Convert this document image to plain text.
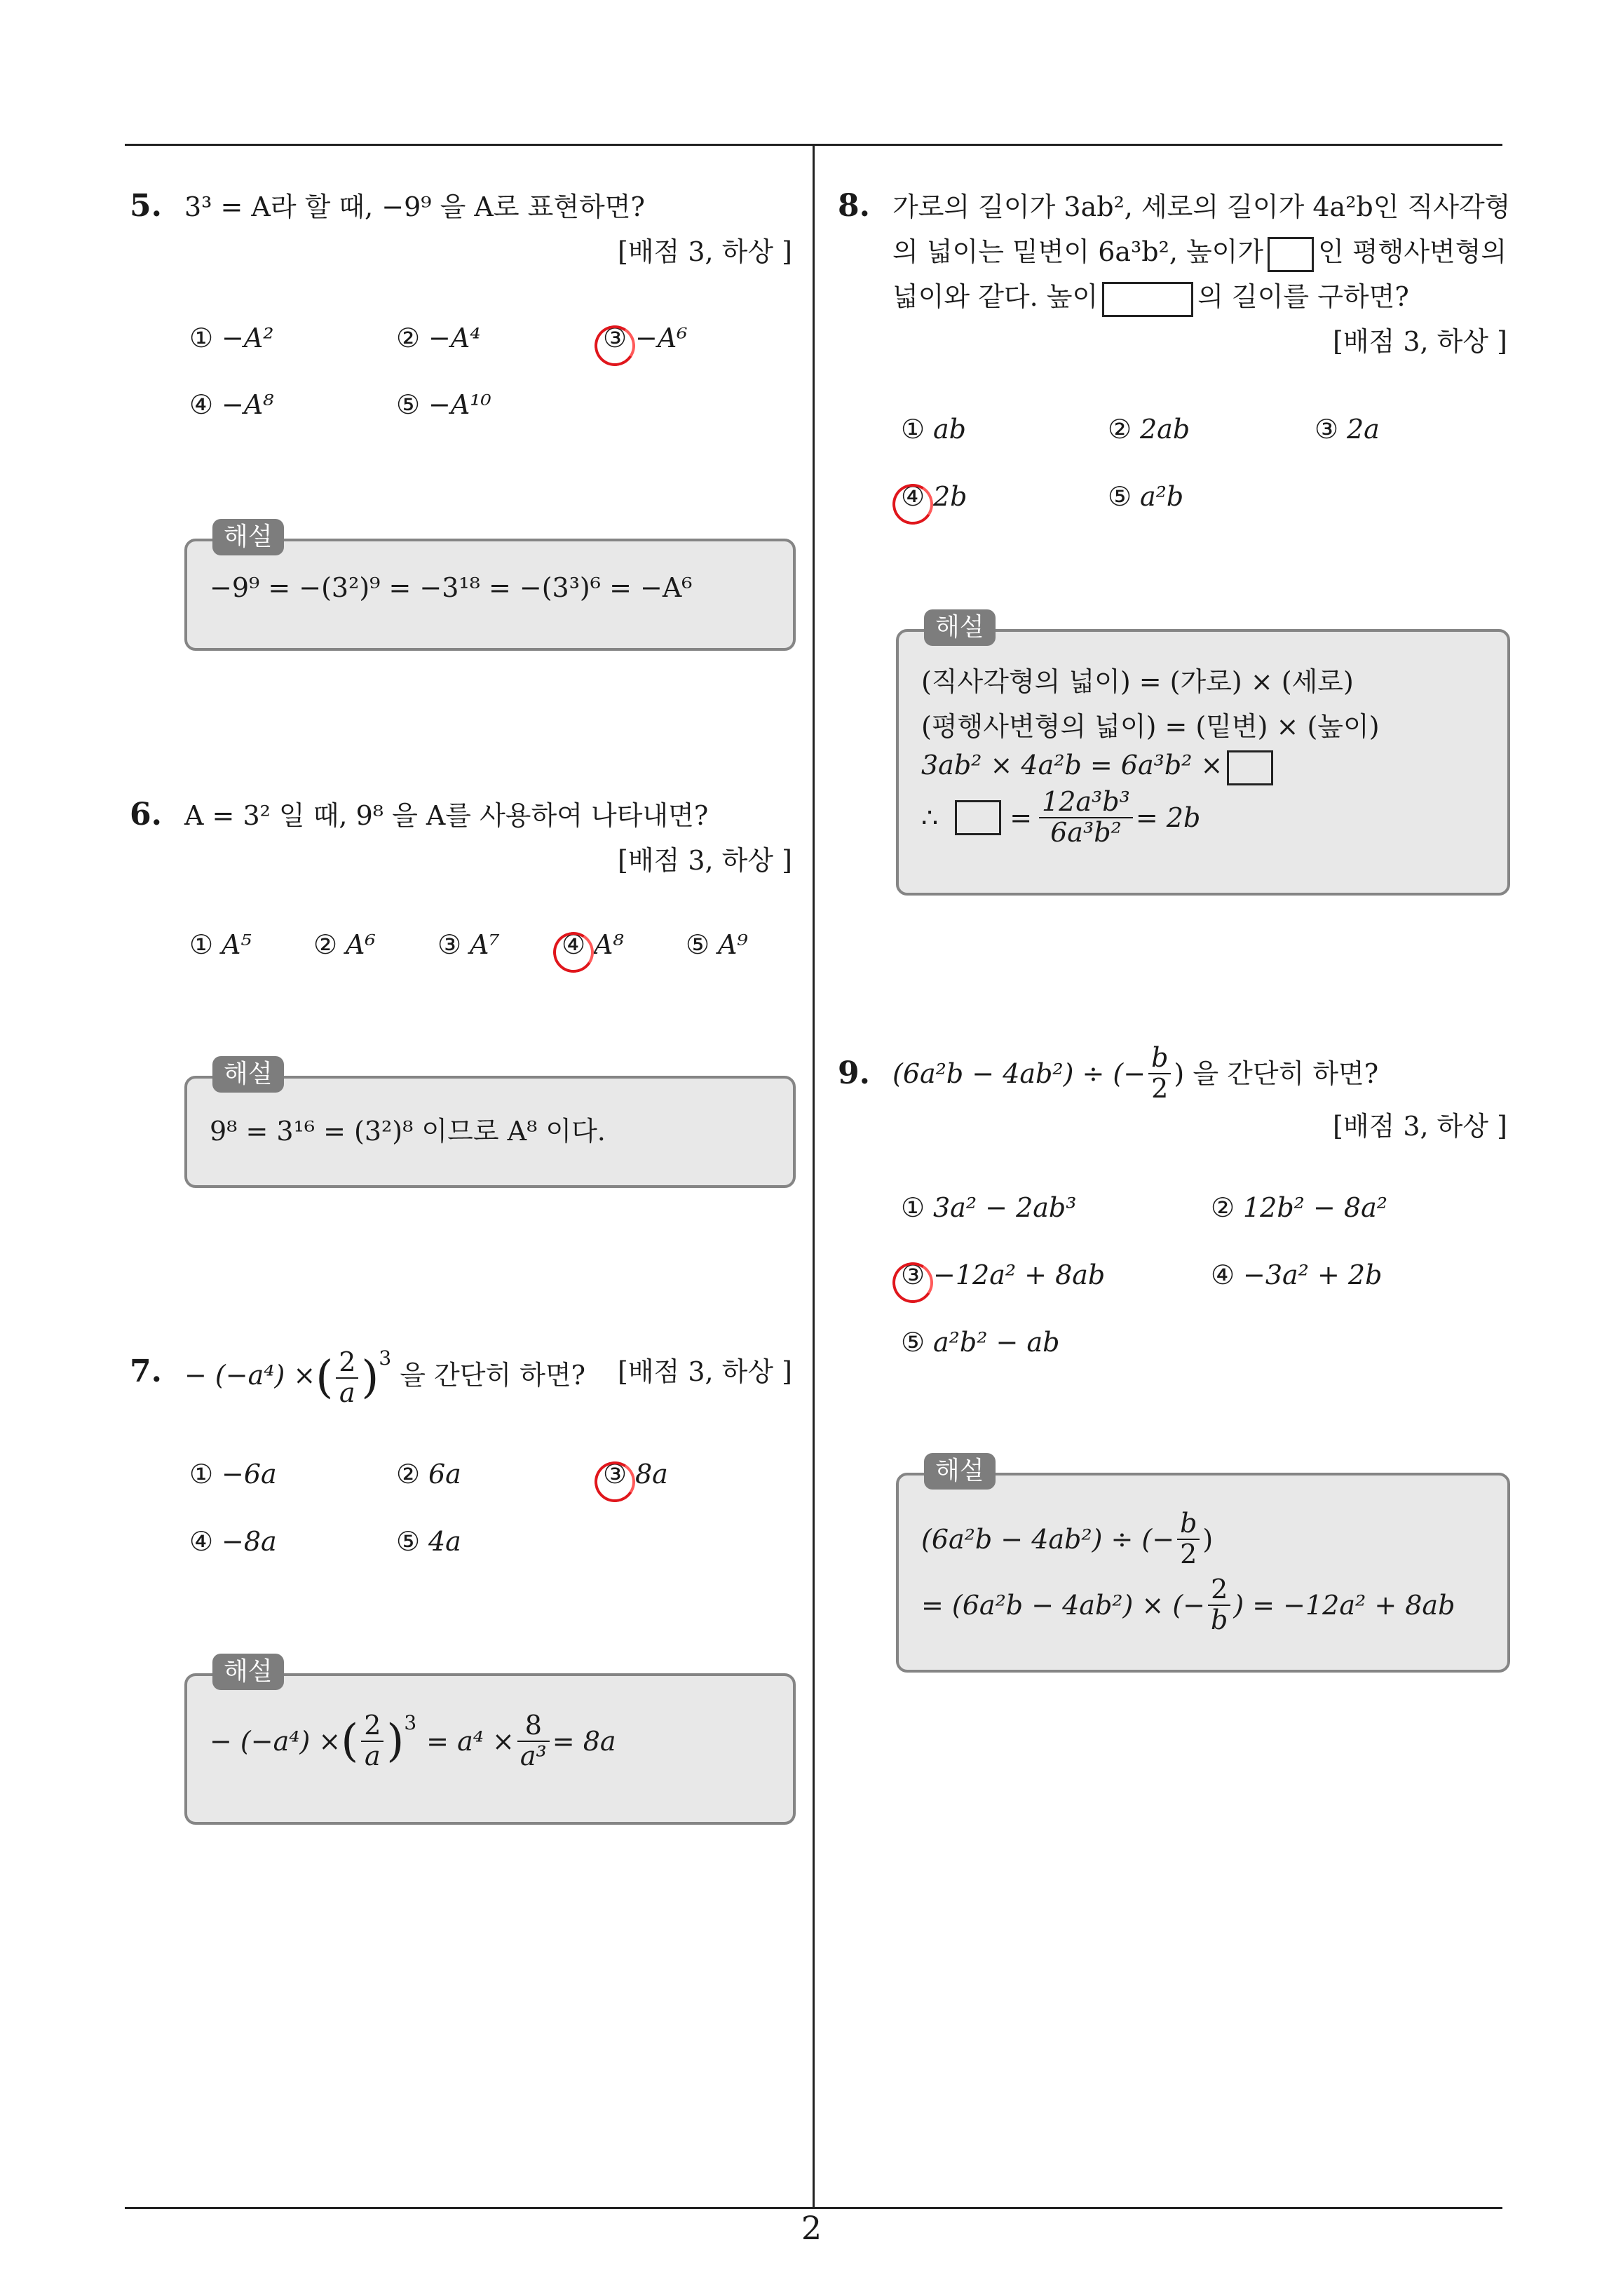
5. 3³ = A라 할 때, −9⁹ 을 A로 표현하면?
[배점 3, 하상 ]
① −A²	② −A⁴	③ −A⁶
④ −A⁸	⑤ −A¹⁰
해설
−9⁹ = −(3²)⁹ = −3¹⁸ = −(3³)⁶ = −A⁶
6. A = 3² 일 때, 9⁸ 을 A를 사용하여 나타내면?
[배점 3, 하상 ]
① A⁵ ② A⁶ ③ A⁷ ④ A⁸ ⑤ A⁹
해설
9⁸ = 3¹⁶ = (3²)⁸ 이므로 A⁸ 이다.
7. − (−a⁴) ×( $\frac{2}{a} )^3$ 을 간단히 하면? [배점 3, 하상 ]
① −6a	② 6a	③ 8a
④ −8a	⑤ 4a
해설
− (−a⁴) × ( $\frac{2}{a} )^3$
= $a^4 \times \frac{8}{\text{a³}} = 8a$
8. 가로의 길이가 3ab², 세로의 길이가 4a²b인 직사각형
의 넓이는 밑변이 6a³b², 높이가 인 평행사변형의
넓이와 같다. 높이	의 길이를 구하면?
[배점 3, 하상 ]
① ab	② 2ab	③ 2a
④ 2b	⑤ a²b
해설
(직사각형의 넓이) = (가로) × (세로)
(평행사변형의 넓이) = (밑변) × (높이)
3ab² × 4a²b = 6a³b² ×
∴	= $\frac{\text{12a³b³}}{\text{6a³b²}} = 2b$
9. (6a²b − 4ab²) ÷ (− $\frac{b}{2}$ ) 을 간단히 하면?
[배점 3, 하상 ]
① 3a² − 2ab³	② 12b² − 8a²
③ −12a² + 8ab	④ −3a² + 2b
⑤ a²b² − ab
해설
(6a²b − 4ab²) ÷ (− $\frac{b}{2}$ )
= (6a²b − 4ab²) × (− $\frac{2}{b}$ ) = −12a² + 8ab
2
